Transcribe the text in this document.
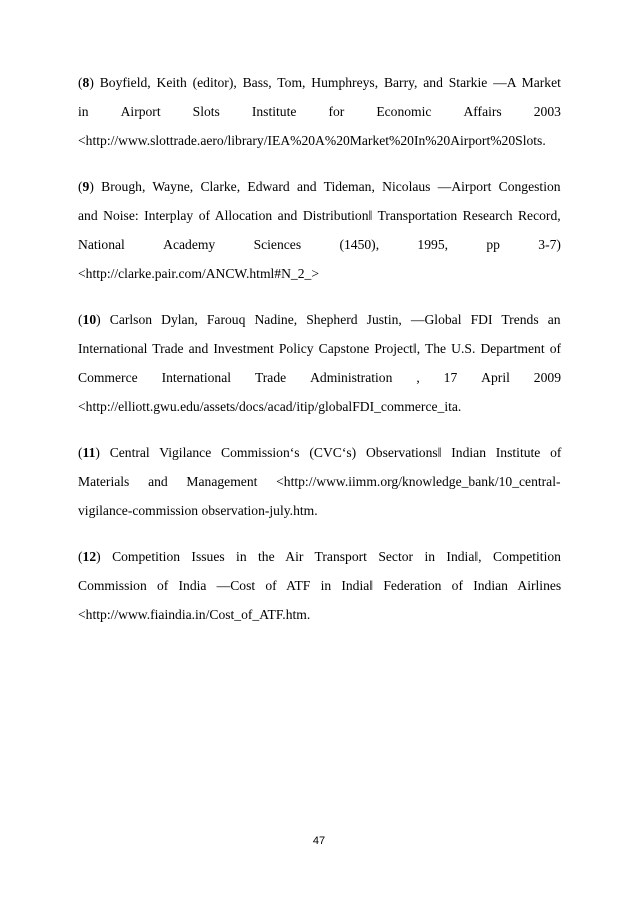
(8) Boyfield, Keith (editor), Bass, Tom, Humphreys, Barry, and Starkie ―A Market
in Airport Slots Institute for Economic Affairs 2003
<http://www.slottrade.aero/library/IEA%20A%20Market%20In%20Airport%20Slots.
(9) Brough, Wayne, Clarke, Edward and Tideman, Nicolaus ―Airport Congestion
and Noise: Interplay of Allocation and Distribution‖ Transportation Research Record,
National	Academy	Sciences	(1450),	1995,	pp	3-7)
<http://clarke.pair.com/ANCW.html#N_2_>
(10) Carlson Dylan, Farouq Nadine, Shepherd Justin, ―Global FDI Trends an
International Trade and Investment Policy Capstone Project‖, The U.S. Department of
Commerce International Trade Administration , 17 April 2009
<http://elliott.gwu.edu/assets/docs/acad/itip/globalFDI_commerce_ita.
(11) Central Vigilance Commission‘s (CVC‘s) Observations‖ Indian Institute of
Materials and Management <http://www.iimm.org/knowledge_bank/10_central-
vigilance-commission observation-july.htm.
(12) Competition Issues in the Air Transport Sector in India‖, Competition
Commission of India ―Cost of ATF in India‖ Federation of Indian Airlines
<http://www.fiaindia.in/Cost_of_ATF.htm.
47
